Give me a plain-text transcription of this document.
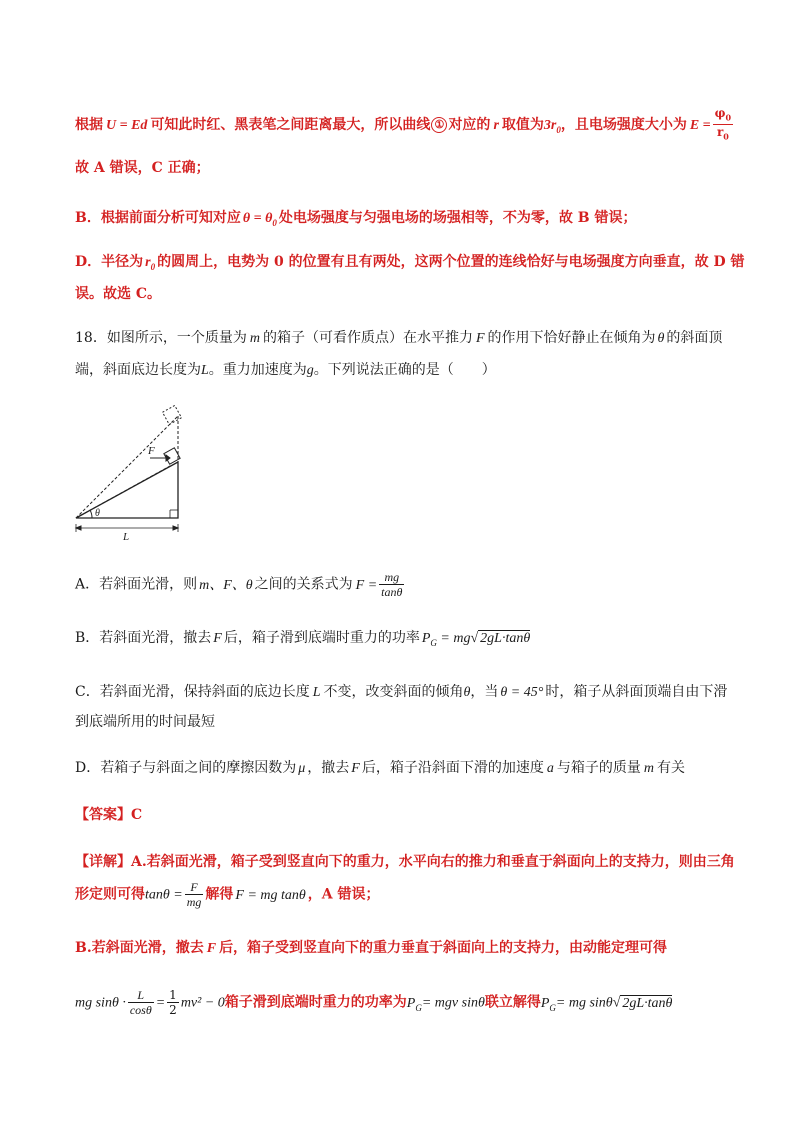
根据 U = Ed 可知此时红、黑表笔之间距离最大，所以曲线 ① 对应的 r 取值为$3r_0$，且电场强度大小为 $E = \frac{\varphi_0}{r_0}$
故 A 错误，C 正确；
B．根据前面分析可知对应 $\theta = \theta_0$ 处电场强度与匀强电场的场强相等，不为零，故 B 错误；
D．半径为 $r_0$ 的圆周上，电势为 0 的位置有且有两处，这两个位置的连线恰好与电场强度方向垂直，故 D 错
误。故选 C。
18．如图所示，一个质量为 m 的箱子（可看作质点）在水平推力 F 的作用下恰好静止在倾角为 θ 的斜面顶
端，斜面底边长度为L。重力加速度为g。下列说法正确的是（　　）
F
θ
L
A．若斜面光滑，则 m、F、θ 之间的关系式为 $F = \frac{mg}{\tan\theta}$
B．若斜面光滑，撤去 F 后，箱子滑到底端时重力的功率 $P_G = mg√$ 2gL·tanθ
C．若斜面光滑，保持斜面的底边长度 L 不变，改变斜面的倾角θ，当 θ = 45° 时，箱子从斜面顶端自由下滑
到底端所用的时间最短
D．若箱子与斜面之间的摩擦因数为 μ ，撤去 F 后，箱子沿斜面下滑的加速度 a 与箱子的质量 m 有关
【答案】C
【详解】A.若斜面光滑，箱子受到竖直向下的重力，水平向右的推力和垂直于斜面向上的支持力，则由三角
形定则可得$\tan\theta = \frac{F}{mg}$ 解得 F = mg tanθ ，A 错误；
B.若斜面光滑，撤去 F 后，箱子受到竖直向下的重力垂直于斜面向上的支持力，由动能定理可得
mg $\sin\theta \cdot \frac{L}{\cos\theta} = \frac{1}{2} mv^2 - 0$箱子滑到底端时重力的功率为$P_G=$ mgv sinθ联立解得$P_G=$ mg sinθ√ 2gL·tanθ
